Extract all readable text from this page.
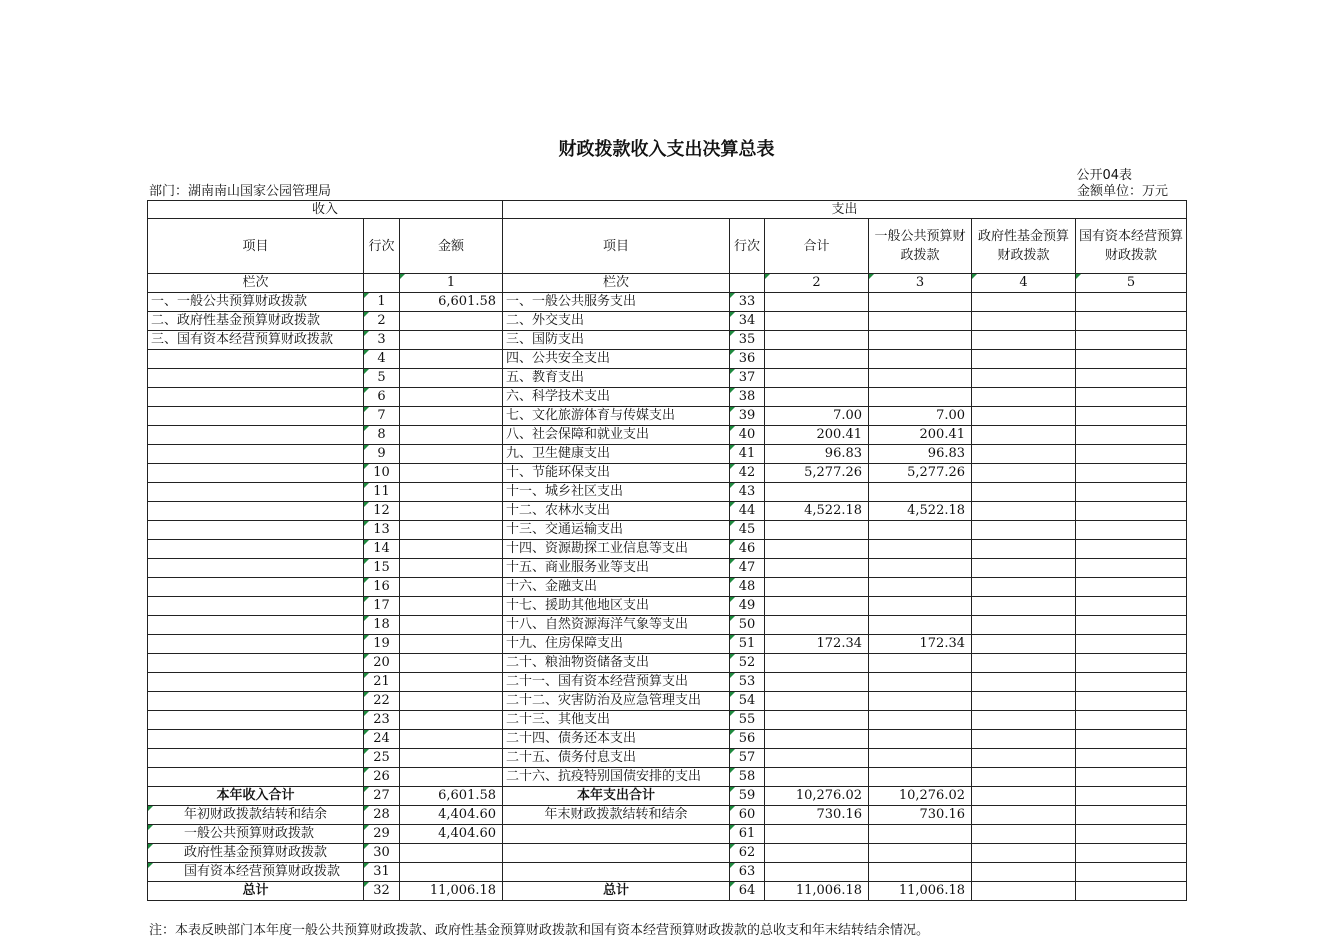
财政拨款收入支出决算总表
部门：湖南南山国家公园管理局
公开04表
金额单位：万元
收入			支出					
项目	行次	金额	项目	行次	合计	一般公共预算财政拨款	政府性基金预算财政拨款	国有资本经营预算财政拨款
栏次		1	栏次		2	3	4	5
一、一般公共预算财政拨款	1	6,601.58	一、一般公共服务支出	33				
二、政府性基金预算财政拨款	2		二、外交支出	34				
三、国有资本经营预算财政拨款	3		三、国防支出	35				
	4		四、公共安全支出	36				
	5		五、教育支出	37				
	6		六、科学技术支出	38				
	7		七、文化旅游体育与传媒支出	39	7.00	7.00		
	8		八、社会保障和就业支出	40	200.41	200.41		
	9		九、卫生健康支出	41	96.83	96.83		
	10		十、节能环保支出	42	5,277.26	5,277.26		
	11		十一、城乡社区支出	43				
	12		十二、农林水支出	44	4,522.18	4,522.18		
	13		十三、交通运输支出	45				
	14		十四、资源勘探工业信息等支出	46				
	15		十五、商业服务业等支出	47				
	16		十六、金融支出	48				
	17		十七、援助其他地区支出	49				
	18		十八、自然资源海洋气象等支出	50				
	19		十九、住房保障支出	51	172.34	172.34		
	20		二十、粮油物资储备支出	52				
	21		二十一、国有资本经营预算支出	53				
	22		二十二、灾害防治及应急管理支出	54				
	23		二十三、其他支出	55				
	24		二十四、债务还本支出	56				
	25		二十五、债务付息支出	57				
	26		二十六、抗疫特别国债安排的支出	58				
本年收入合计	27	6,601.58	本年支出合计	59	10,276.02	10,276.02		
年初财政拨款结转和结余	28	4,404.60	年末财政拨款结转和结余	60	730.16	730.16		
一般公共预算财政拨款	29	4,404.60		61				
政府性基金预算财政拨款	30			62				
国有资本经营预算财政拨款	31			63				
总计	32	11,006.18	总计	64	11,006.18	11,006.18		
注：本表反映部门本年度一般公共预算财政拨款、政府性基金预算财政拨款和国有资本经营预算财政拨款的总收支和年末结转结余情况。
